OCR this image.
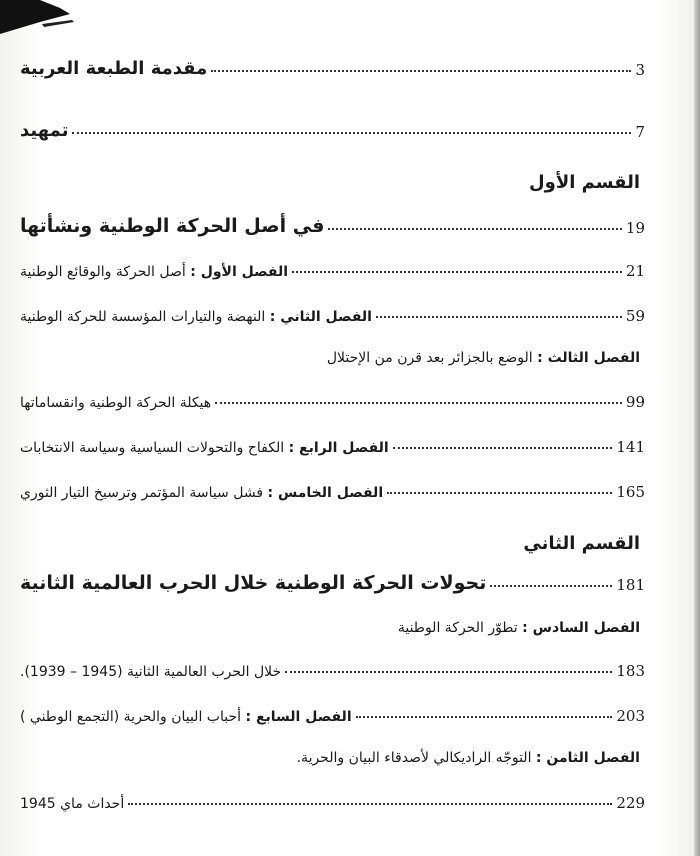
مقدمة الطبعة العربية	3
تمهيد	7
القسم الأول
في أصل الحركة الوطنية ونشأتها	19
الفصل الأول : أصل الحركة والوقائع الوطنية	21
الفصل الثاني : النهضة والتيارات المؤسسة للحركة الوطنية	59
الفصل الثالث : الوضع بالجزائر بعد قرن من الإحتلال
هيكلة الحركة الوطنية وانقساماتها	99
الفصل الرابع : الكفاح والتحولات السياسية وسياسة الانتخابات	141
الفصل الخامس : فشل سياسة المؤتمر وترسيخ التيار الثوري	165
القسم الثاني
تحولات الحركة الوطنية خلال الحرب العالمية الثانية	181
الفصل السادس : تطوّر الحركة الوطنية
خلال الحرب العالمية الثانية (1945 – 1939).	183
الفصل السابع : أحباب البيان والحرية (التجمع الوطني )	203
الفصل الثامن : التوجّه الراديكالي لأصدقاء البيان والحرية.
أحداث ماي 1945	229
